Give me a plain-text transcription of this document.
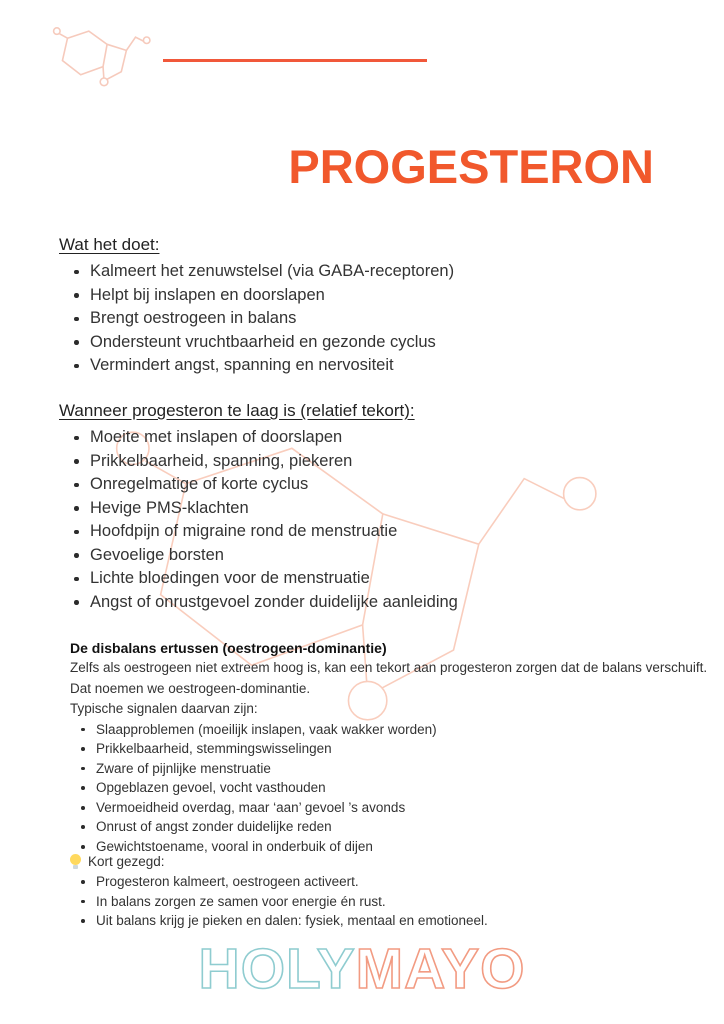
PROGESTERON
Wat het doet:
Kalmeert het zenuwstelsel (via GABA-receptoren)
Helpt bij inslapen en doorslapen
Brengt oestrogeen in balans
Ondersteunt vruchtbaarheid en gezonde cyclus
Vermindert angst, spanning en nervositeit
Wanneer progesteron te laag is (relatief tekort):
Moeite met inslapen of doorslapen
Prikkelbaarheid, spanning, piekeren
Onregelmatige of korte cyclus
Hevige PMS-klachten
Hoofdpijn of migraine rond de menstruatie
Gevoelige borsten
Lichte bloedingen voor de menstruatie
Angst of onrustgevoel zonder duidelijke aanleiding
De disbalans ertussen (oestrogeen-dominantie)

Zelfs als oestrogeen niet extreem hoog is, kan een tekort aan progesteron zorgen dat de balans verschuift. Dat noemen we oestrogeen-dominantie.

Typische signalen daarvan zijn:

Slaapproblemen (moeilijk inslapen, vaak wakker worden)
Prikkelbaarheid, stemmingswisselingen
Zware of pijnlijke menstruatie
Opgeblazen gevoel, vocht vasthouden
Vermoeidheid overdag, maar ‘aan’ gevoel ’s avonds
Onrust of angst zonder duidelijke reden
Gewichtstoename, vooral in onderbuik of dijen
Kort gezegd:
Progesteron kalmeert, oestrogeen activeert.
In balans zorgen ze samen voor energie én rust.
Uit balans krijg je pieken en dalen: fysiek, mentaal en emotioneel.
HOLYMAYO
